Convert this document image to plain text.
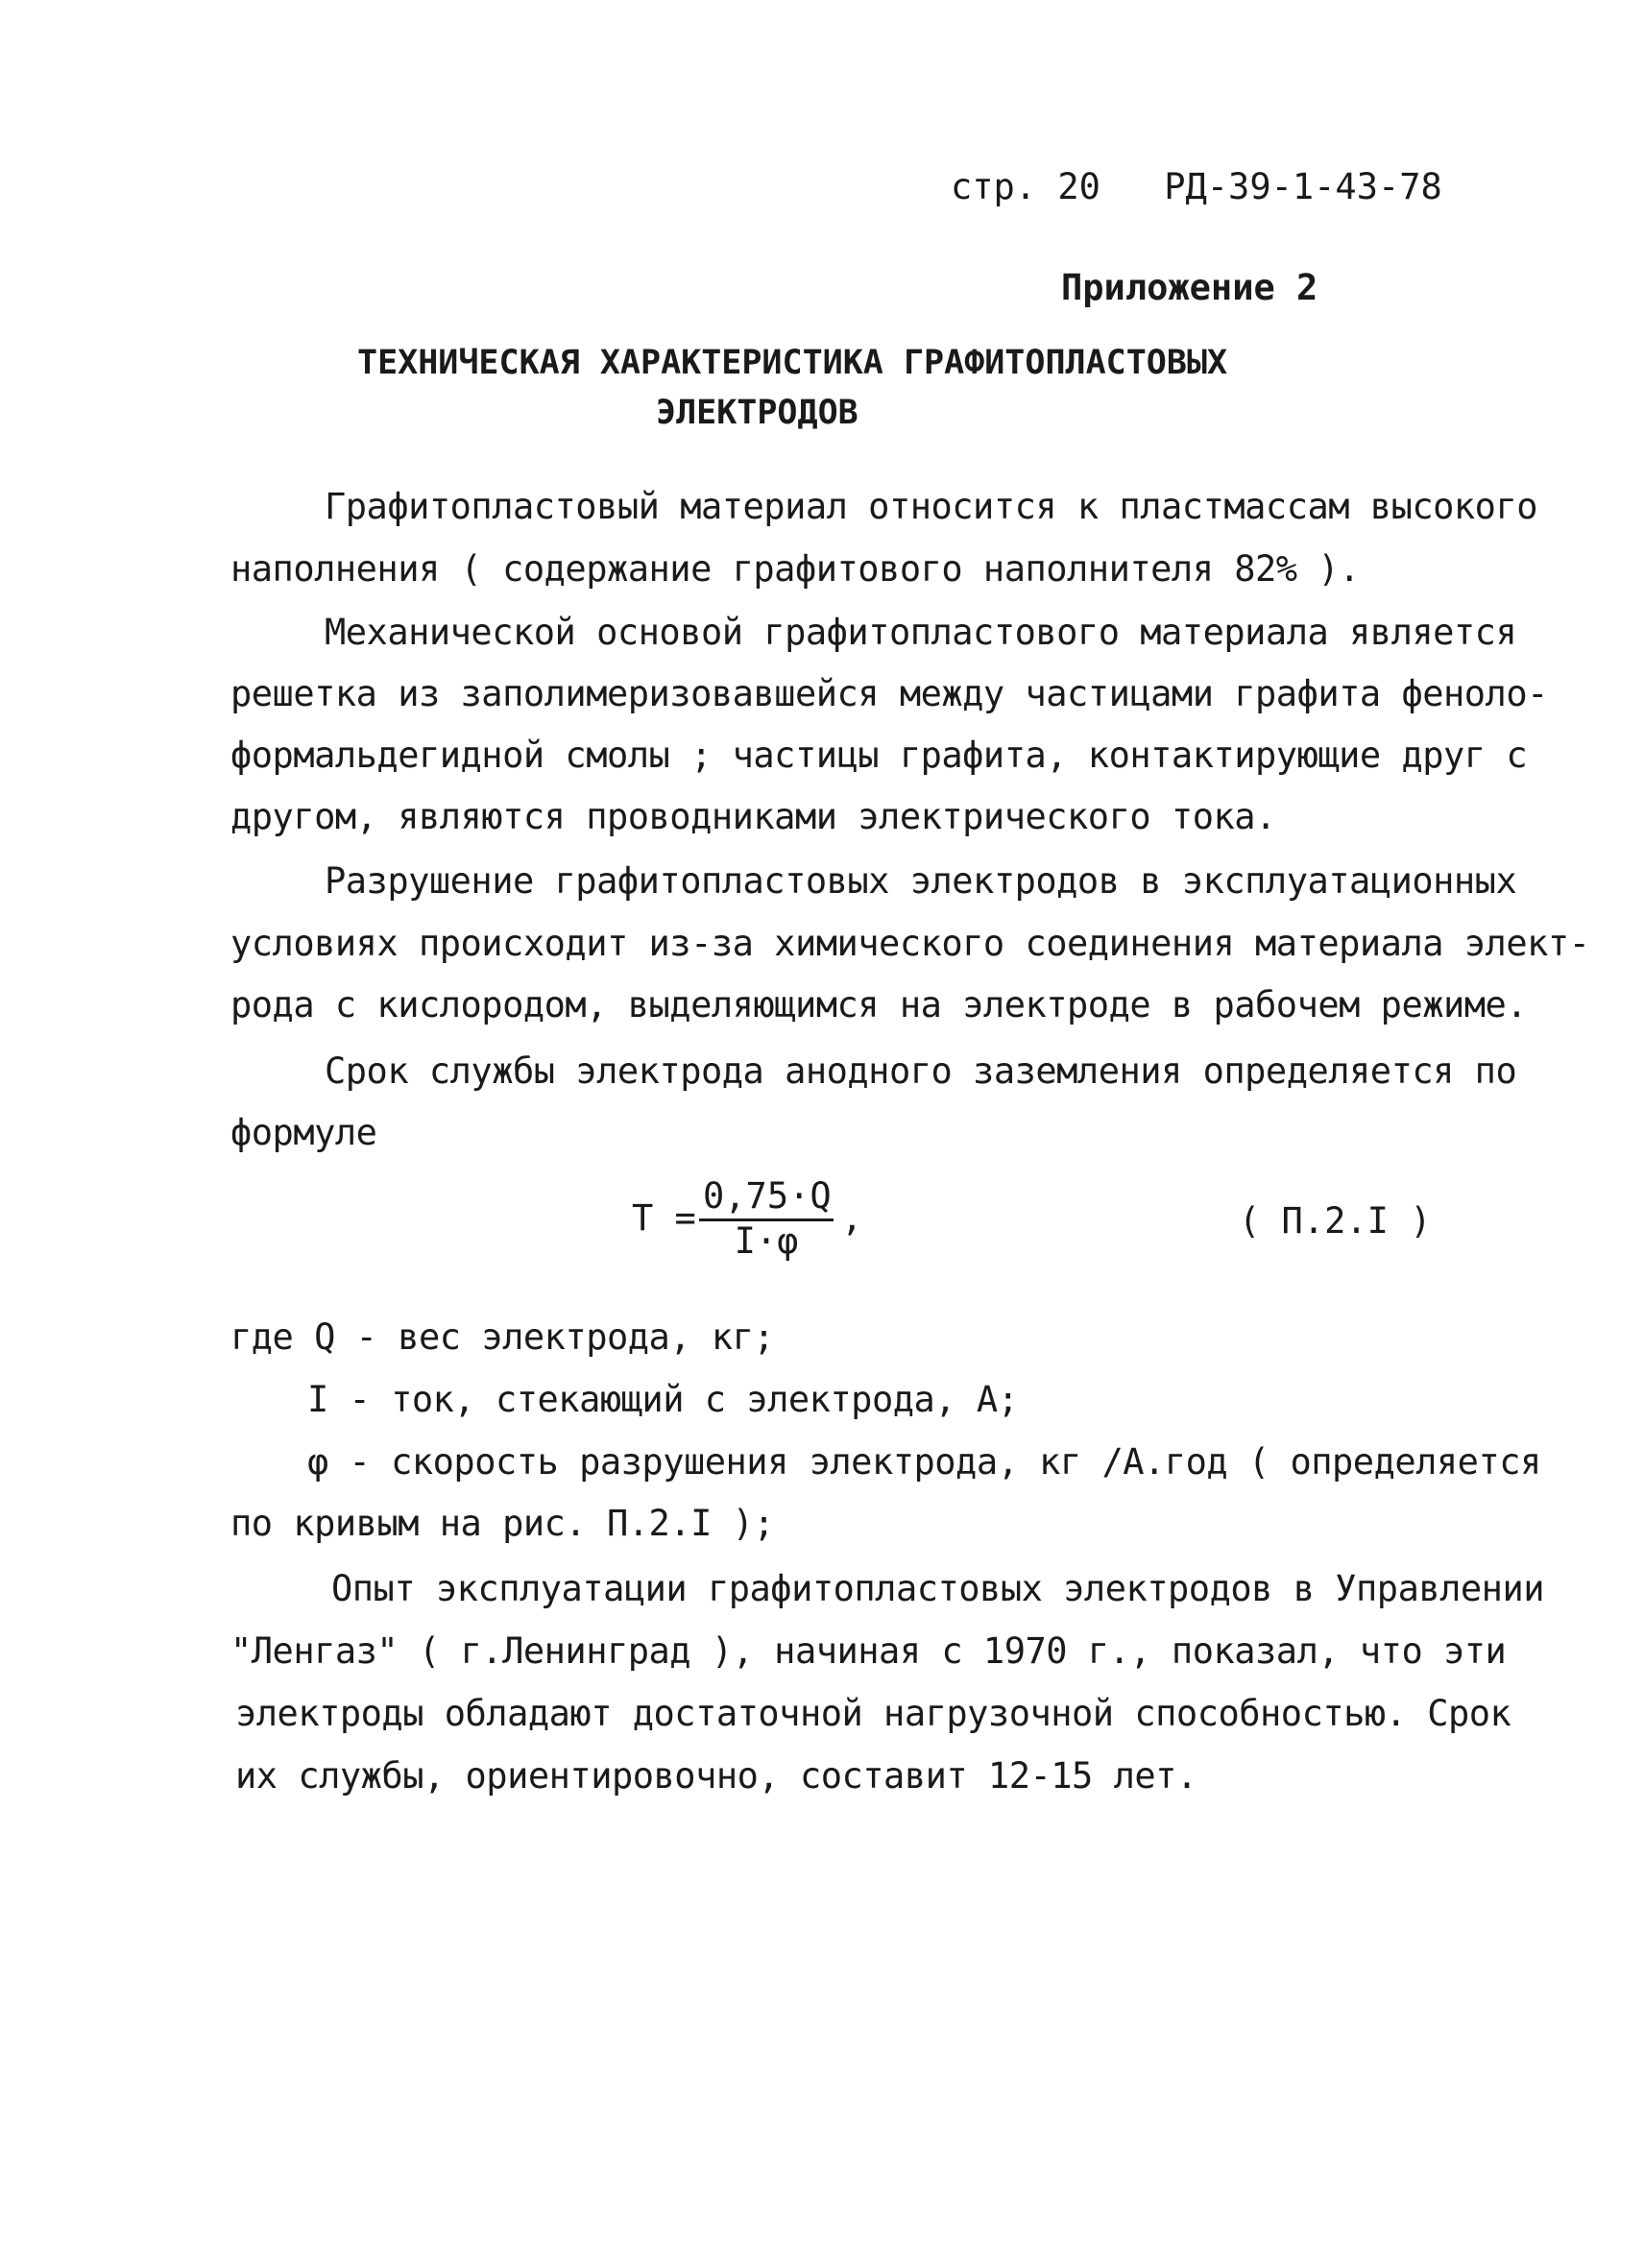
стр. 20 РД-39-1-43-78
Приложение 2
ТЕХНИЧЕСКАЯ ХАРАКТЕРИСТИКА ГРАФИТОПЛАСТОВЫХ
ЭЛЕКТРОДОВ
Графитопластовый материал относится к пластмассам высокого
наполнения ( содержание графитового наполнителя 82% ).
Механической основой графитопластового материала является
решетка из заполимеризовавшейся между частицами графита феноло-
формальдегидной смолы ; частицы графита, контактирующие друг с
другом, являются проводниками электрического тока.
Разрушение графитопластовых электродов в эксплуатационных
условиях происходит из-за химического соединения материала элект-
рода с кислородом, выделяющимся на электроде в рабочем режиме.
Срок службы электрода анодного заземления определяется по
формуле
$Т = \frac{0,75\cdot Q}{I\cdot\varphi}$ ,	( П.2.I )
где Q - вес электрода, кг;
I - ток, стекающий с электрода, А;
φ - скорость разрушения электрода, кг /А.год ( определяется
по кривым на рис. П.2.I );
Опыт эксплуатации графитопластовых электродов в Управлении
"Ленгаз" ( г.Ленинград ), начиная с 1970 г., показал, что эти
электроды обладают достаточной нагрузочной способностью. Срок
их службы, ориентировочно, составит 12-15 лет.
